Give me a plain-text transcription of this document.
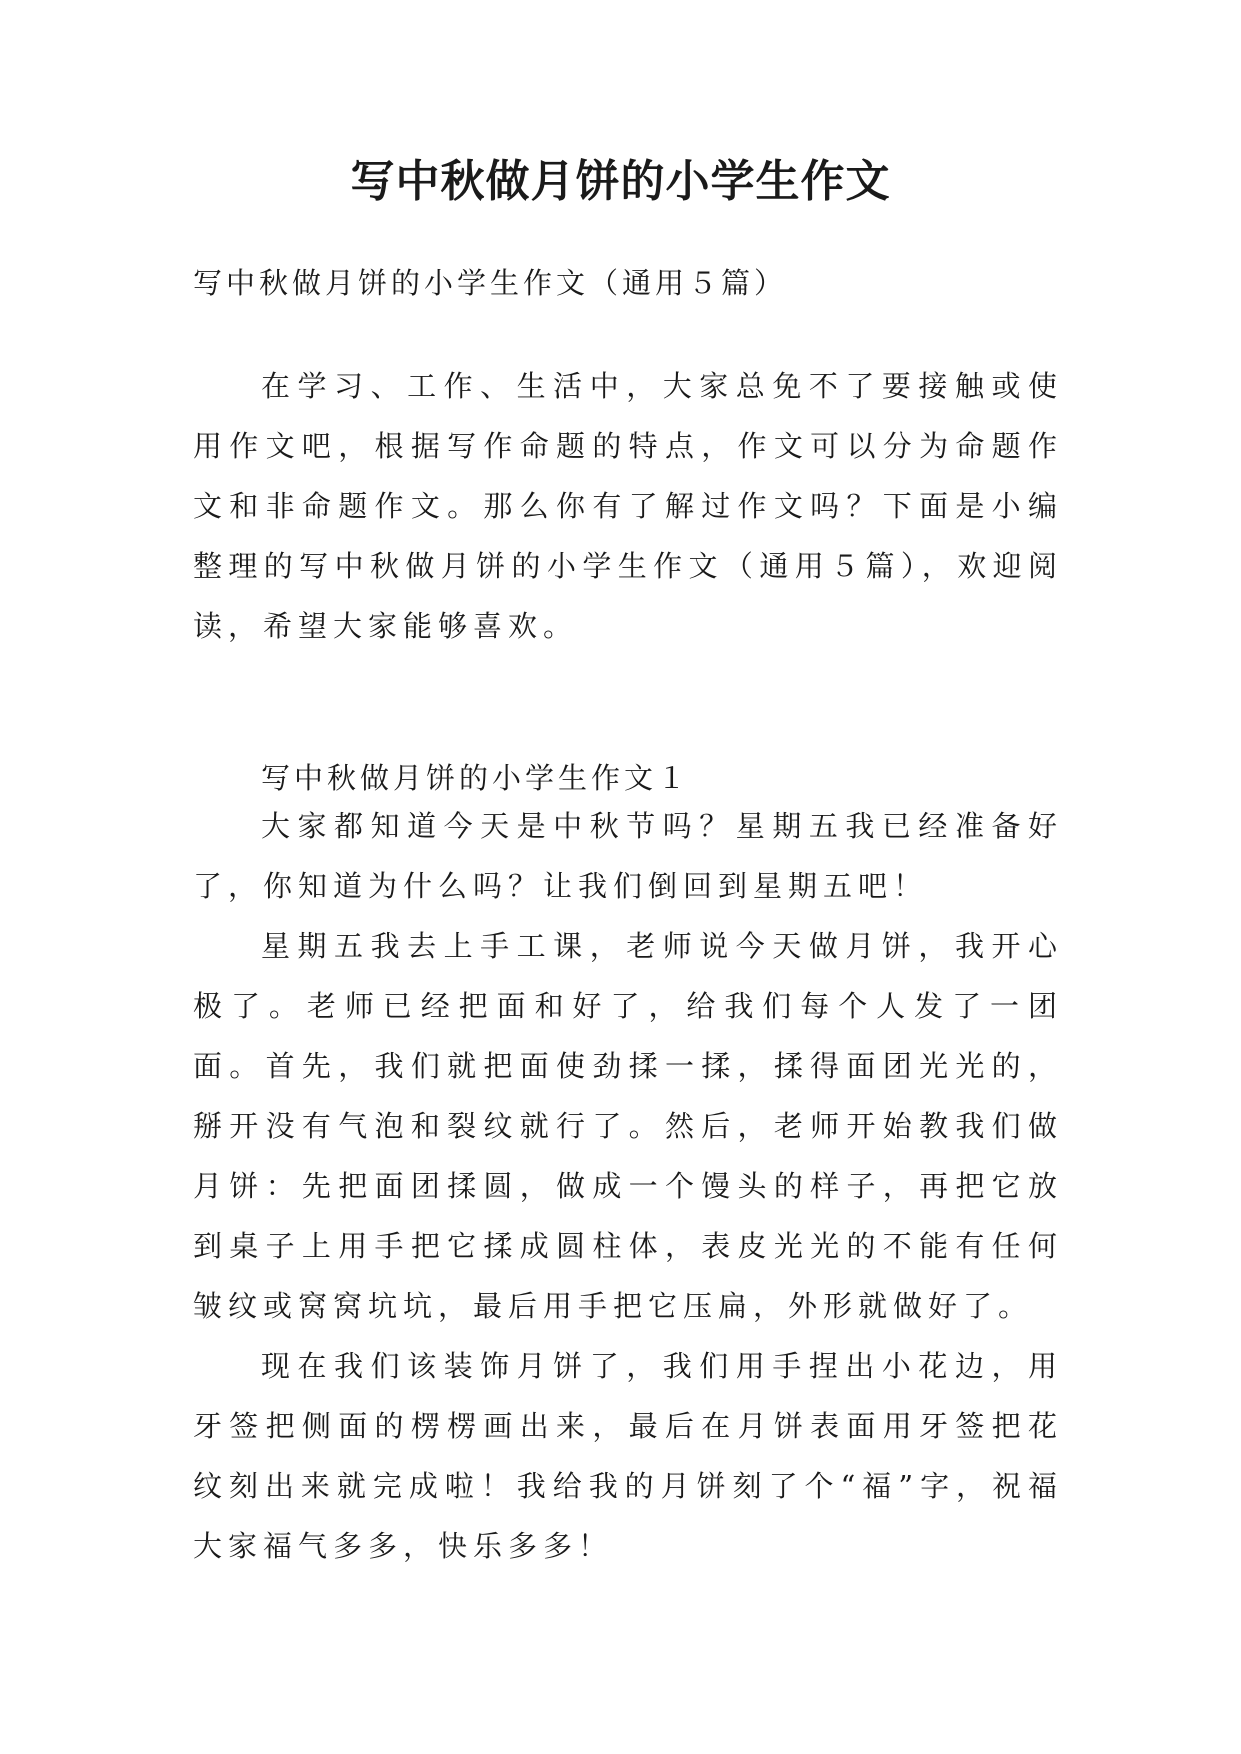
写中秋做月饼的小学生作文

写中秋做月饼的小学生作文（通用５篇）

在学习、工作、生活中，大家总免不了要接触或使用作文吧，根据写作命题的特点，作文可以分为命题作文和非命题作文。那么你有了解过作文吗？下面是小编整理的写中秋做月饼的小学生作文（通用５篇），欢迎阅读，希望大家能够喜欢。

写中秋做月饼的小学生作文１

大家都知道今天是中秋节吗？星期五我已经准备好了，你知道为什么吗？让我们倒回到星期五吧！

星期五我去上手工课，老师说今天做月饼，我开心极了。老师已经把面和好了，给我们每个人发了一团面。首先，我们就把面使劲揉一揉，揉得面团光光的，掰开没有气泡和裂纹就行了。然后，老师开始教我们做月饼：先把面团揉圆，做成一个馒头的样子，再把它放到桌子上用手把它揉成圆柱体，表皮光光的不能有任何皱纹或窝窝坑坑，最后用手把它压扁，外形就做好了。

现在我们该装饰月饼了，我们用手捏出小花边，用牙签把侧面的楞楞画出来，最后在月饼表面用牙签把花纹刻出来就完成啦！我给我的月饼刻了个“福”字，祝福大家福气多多，快乐多多！
